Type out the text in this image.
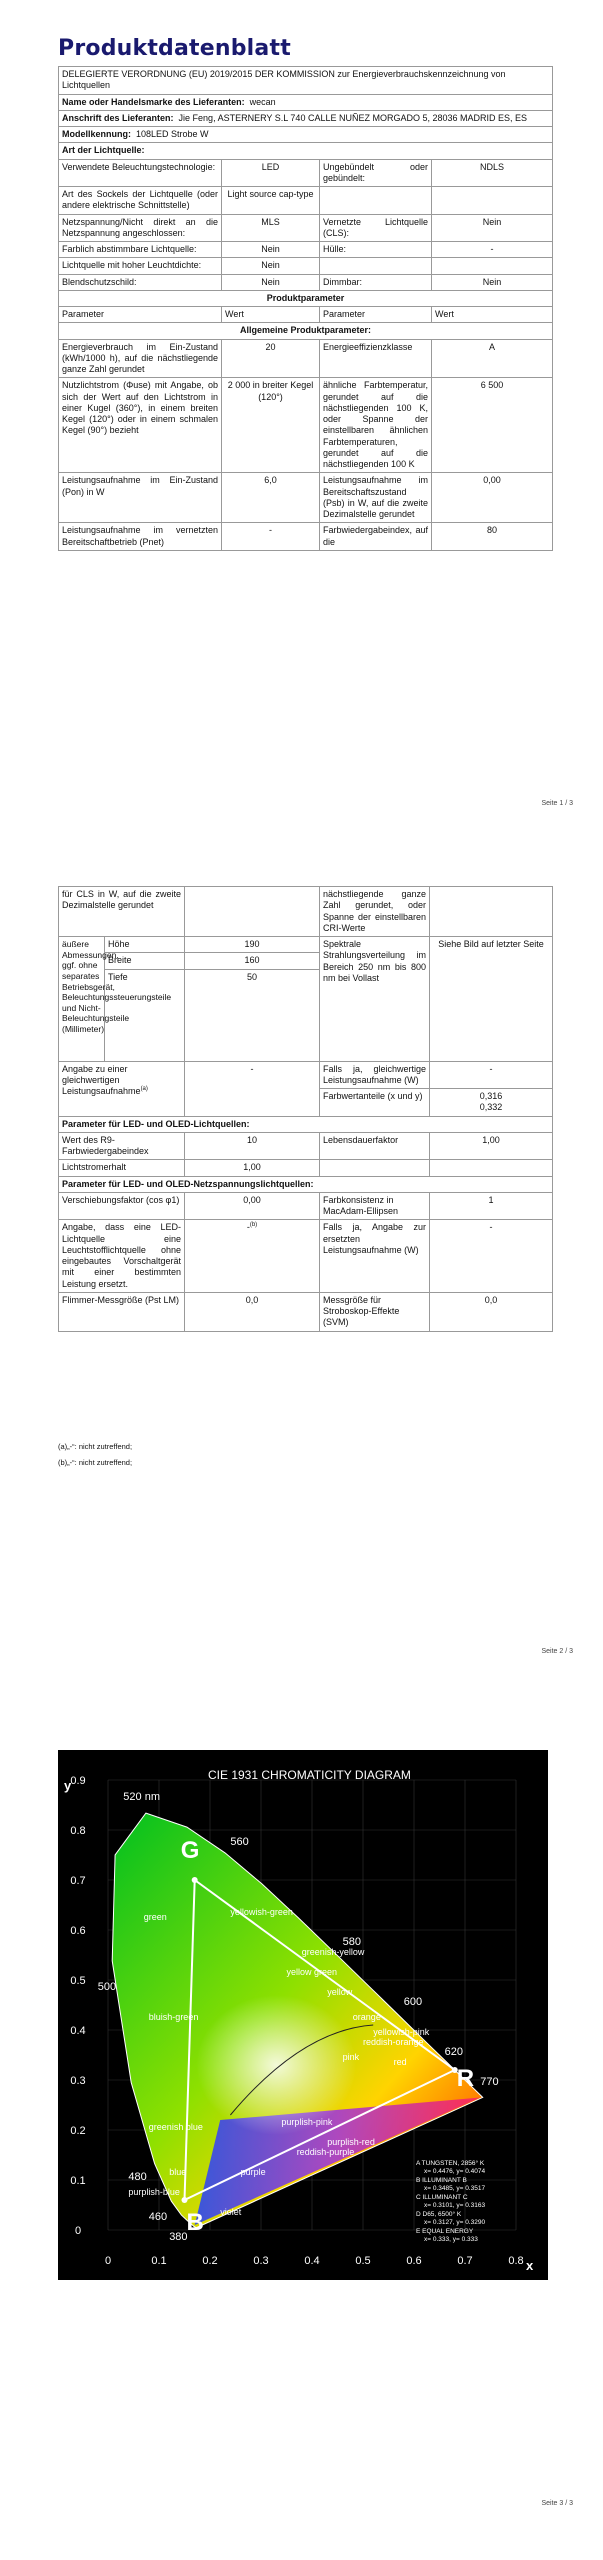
Produktdatenblatt
DELEGIERTE VERORDNUNG (EU) 2019/2015 DER KOMMISSION zur Energieverbrauchskennzeichnung von Lichtquellen			
Name oder Handelsmarke des Lieferanten: wecan			
Anschrift des Lieferanten: Jie Feng, ASTERNERY S.L 740 CALLE NUÑEZ MORGADO 5, 28036 MADRID ES, ES			
Modellkennung: 108LED Strobe W			
Art der Lichtquelle:			
Verwendete Beleuchtungstechnologie:	LED	Ungebündelt oder gebündelt:	NDLS
Art des Sockels der Lichtquelle (oder andere elektrische Schnittstelle)	Light source cap-type		
Netzspannung/Nicht direkt an die Netzspannung angeschlossen:	MLS	Vernetzte Lichtquelle (CLS):	Nein
Farblich abstimmbare Lichtquelle:	Nein	Hülle:	-
Lichtquelle mit hoher Leuchtdichte:	Nein		
Blendschutzschild:	Nein	Dimmbar:	Nein
Produktparameter			
Parameter	Wert	Parameter	Wert
Allgemeine Produktparameter:			
Energieverbrauch im Ein-Zustand (kWh/1000 h), auf die nächstliegende ganze Zahl gerundet	20	Energieeffizienzklasse	A
Nutzlichtstrom (Φuse) mit Angabe, ob sich der Wert auf den Lichtstrom in einer Kugel (360°), in einem breiten Kegel (120°) oder in einem schmalen Kegel (90°) bezieht	2 000 in breiter Kegel (120°)	ähnliche Farbtemperatur, gerundet auf die nächstliegenden 100 K, oder Spanne der einstellbaren ähnlichen Farbtemperaturen, gerundet auf die nächstliegenden 100 K	6 500
Leistungsaufnahme im Ein-Zustand (Pon) in W	6,0	Leistungsaufnahme im Bereitschaftszustand (Psb) in W, auf die zweite Dezimalstelle gerundet	0,00
Leistungsaufnahme im vernetzten Bereitschaftbetrieb (Pnet)	-	Farbwiedergabeindex, auf die	80
Seite 1 / 3
für CLS in W, auf die zweite Dezimalstelle gerundet			nächstliegende ganze Zahl gerundet, oder Spanne der einstellbaren CRI-Werte	
äußere Abmessungen, ggf. ohne separates Betriebsgerät, Beleuchtungssteuerungsteile und Nicht-Beleuchtungsteile (Millimeter)	Höhe	190	Spektrale Strahlungsverteilung im Bereich 250 nm bis 800 nm bei Vollast	Siehe Bild auf letzter Seite
	Breite	160		
	Tiefe	50		
Angabe zu einer gleichwertigen Leistungsaufnahme$^{(a)}$		-	Falls ja, gleichwertige Leistungsaufnahme (W)	-
			Farbwertanteile (x und y)	0,316
0,332

Parameter für LED- und OLED-Lichtquellen:				
Wert des R9-Farbwiedergabeindex		10	Lebensdauerfaktor	1,00
Lichtstromerhalt		1,00		
Parameter für LED- und OLED-Netzspannungslichtquellen:				
Verschiebungsfaktor (cos φ1)		0,00	Farbkonsistenz in MacAdam-Ellipsen	1
Angabe, dass eine LED-Lichtquelle eine Leuchtstofflichtquelle ohne eingebautes Vorschaltgerät mit einer bestimmten Leistung ersetzt.		-$^{(b)}$	Falls ja, Angabe zur ersetzten Leistungsaufnahme (W)	-
Flimmer-Messgröße (Pst LM)		0,0	Messgröße für Stroboskop-Effekte (SVM)	0,0
(a)„-“: nicht zutreffend;
(b)„-“: nicht zutreffend;
Seite 2 / 3
0	0.1	0.2	0.3	0.4	0.5	0.6	0.7	0.8
0
0.1
0.2
0.3
0.4
0.5
0.6
0.7
0.8
0.9
G
R
B
520 nm
560
580
500
600
620
770
480
460
380
green	yellowish-green
greenish-yellow
yellow green
yellow
orange
yellowish-pink
reddish-orange
pink	red
bluish-green
greenish blue
blue	purple
reddish-purple
purplish-pink
purplish-red
purplish-blue
violet
CIE 1931 CHROMATICITY DIAGRAM
y
x
A TUNGSTEN, 2856° K
x= 0.4476, y= 0.4074
B ILLUMINANT B
x= 0.3485, y= 0.3517
C ILLUMINANT C
x= 0.3101, y= 0.3163
D D65, 6500° K
x= 0.3127, y= 0.3290
E EQUAL ENERGY
x= 0.333, y= 0.333
Seite 3 / 3
